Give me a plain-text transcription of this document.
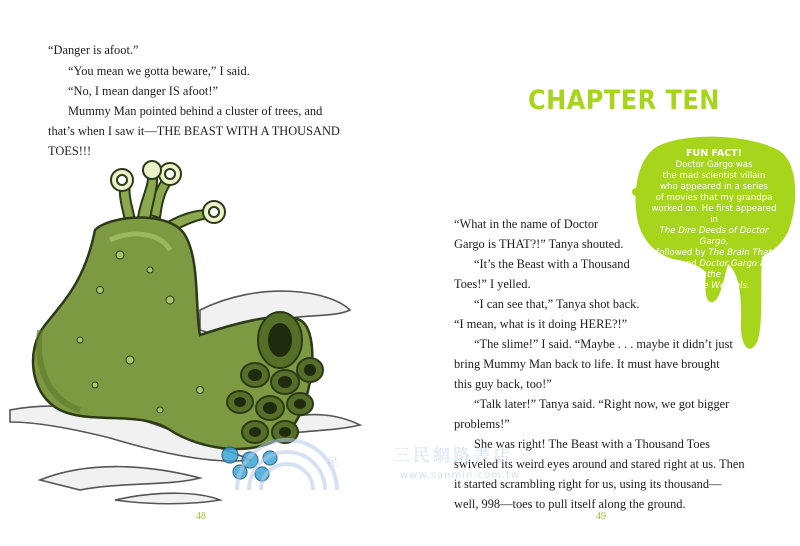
“Danger is afoot.”

“You mean we gotta beware,” I said.

“No, I mean danger IS afoot!”

Mummy Man pointed behind a cluster of trees, and

that’s when I saw it—THE BEAST WITH A THOUSAND

TOES!!!

48
CHAPTER TEN
FUN FACT!
Doctor Gargo was
the mad scientist villain
who appeared in a series
of movies that my grandpa
worked on. He first appeared in
The Dire Deeds of Doctor Gargo,
followed by The Brain That
Lived, and Doctor Gargo and the
Measle Weasels.

“What in the name of Doctor

Gargo is THAT?!” Tanya shouted.

“It’s the Beast with a Thousand

Toes!” I yelled.

“I can see that,” Tanya shot back.

“I mean, what is it doing HERE?!”

“The slime!” I said. “Maybe . . . maybe it didn’t just

bring Mummy Man back to life. It must have brought

this guy back, too!”

“Talk later!” Tanya said. “Right now, we got bigger

problems!”

She was right! The Beast with a Thousand Toes

swiveled its weird eyes around and stared right at us. Then

it started scrambling right for us, using its thousand—

well, 998—toes to pull itself along the ground.

49
民	三民網路書店
www.sanmin.com.tw
